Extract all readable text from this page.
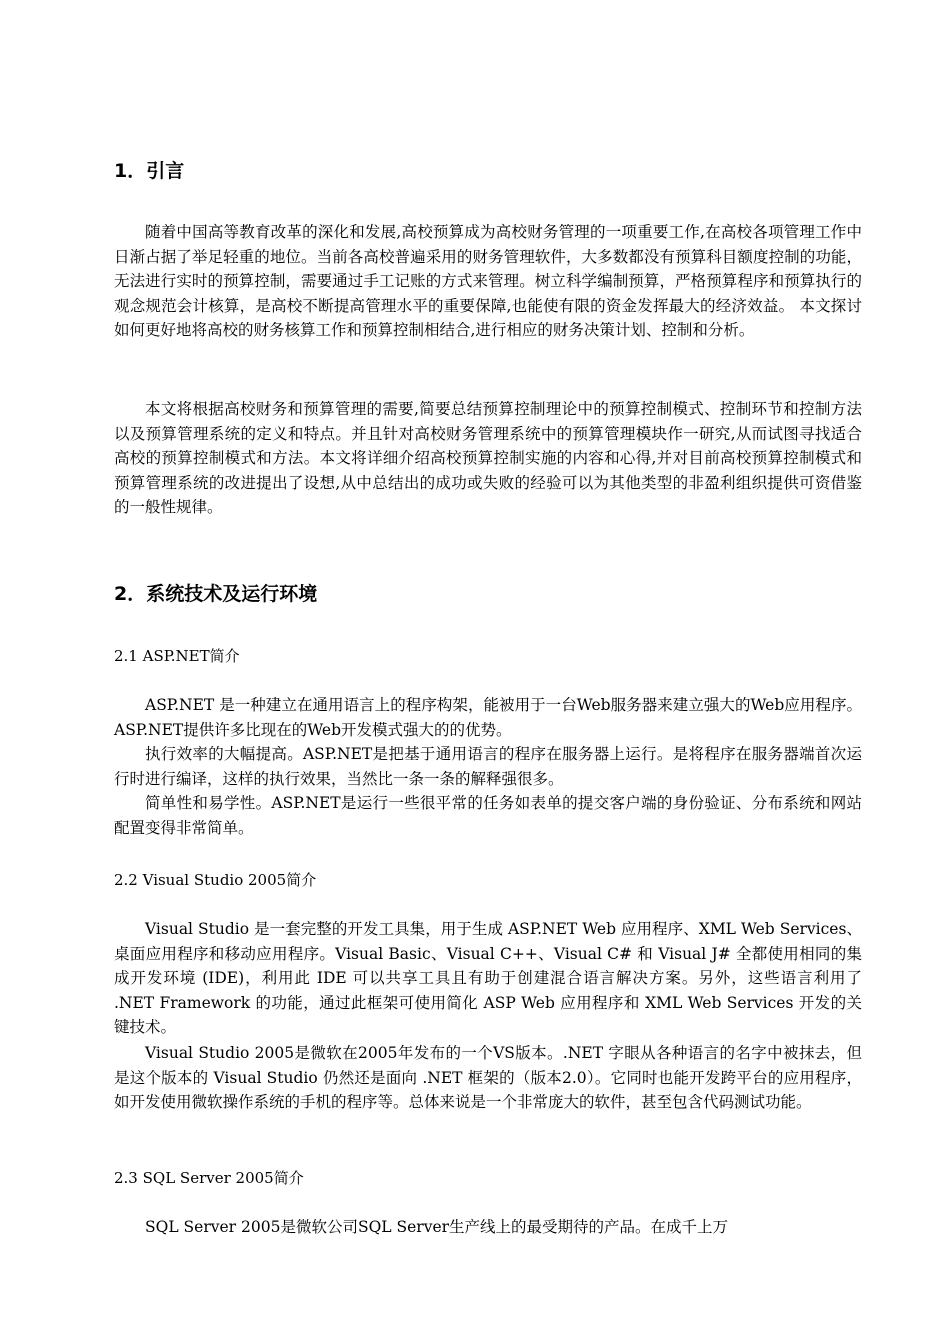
1．引言

随着中国高等教育改革的深化和发展,高校预算成为高校财务管理的一项重要工作,在高校各项管理工作中日渐占据了举足轻重的地位。当前各高校普遍采用的财务管理软件，大多数都没有预算科目额度控制的功能，无法进行实时的预算控制，需要通过手工记账的方式来管理。树立科学编制预算，严格预算程序和预算执行的观念规范会计核算，是高校不断提高管理水平的重要保障,也能使有限的资金发挥最大的经济效益。 本文探讨如何更好地将高校的财务核算工作和预算控制相结合,进行相应的财务决策计划、控制和分析。

本文将根据高校财务和预算管理的需要,简要总结预算控制理论中的预算控制模式、控制环节和控制方法以及预算管理系统的定义和特点。并且针对高校财务管理系统中的预算管理模块作一研究,从而试图寻找适合高校的预算控制模式和方法。本文将详细介绍高校预算控制实施的内容和心得,并对目前高校预算控制模式和预算管理系统的改进提出了设想,从中总结出的成功或失败的经验可以为其他类型的非盈利组织提供可资借鉴的一般性规律。

2．系统技术及运行环境
2.1 ASP.NET简介

ASP.NET 是一种建立在通用语言上的程序构架，能被用于一台Web服务器来建立强大的Web应用程序。ASP.NET提供许多比现在的Web开发模式强大的的优势。

执行效率的大幅提高。ASP.NET是把基于通用语言的程序在服务器上运行。是将程序在服务器端首次运行时进行编译，这样的执行效果，当然比一条一条的解释强很多。

简单性和易学性。ASP.NET是运行一些很平常的任务如表单的提交客户端的身份验证、分布系统和网站配置变得非常简单。

2.2 Visual Studio 2005简介

Visual Studio 是一套完整的开发工具集，用于生成 ASP.NET Web 应用程序、XML Web Services、桌面应用程序和移动应用程序。Visual Basic、Visual C++、Visual C# 和 Visual J# 全都使用相同的集成开发环境 (IDE)，利用此 IDE 可以共享工具且有助于创建混合语言解决方案。另外，这些语言利用了 .NET Framework 的功能，通过此框架可使用简化 ASP Web 应用程序和 XML Web Services 开发的关键技术。

Visual Studio 2005是微软在2005年发布的一个VS版本。.NET 字眼从各种语言的名字中被抹去，但是这个版本的 Visual Studio 仍然还是面向 .NET 框架的（版本2.0）。它同时也能开发跨平台的应用程序，如开发使用微软操作系统的手机的程序等。总体来说是一个非常庞大的软件，甚至包含代码测试功能。

2.3 SQL Server 2005简介

SQL Server 2005是微软公司SQL Server生产线上的最受期待的产品。在成千上万
